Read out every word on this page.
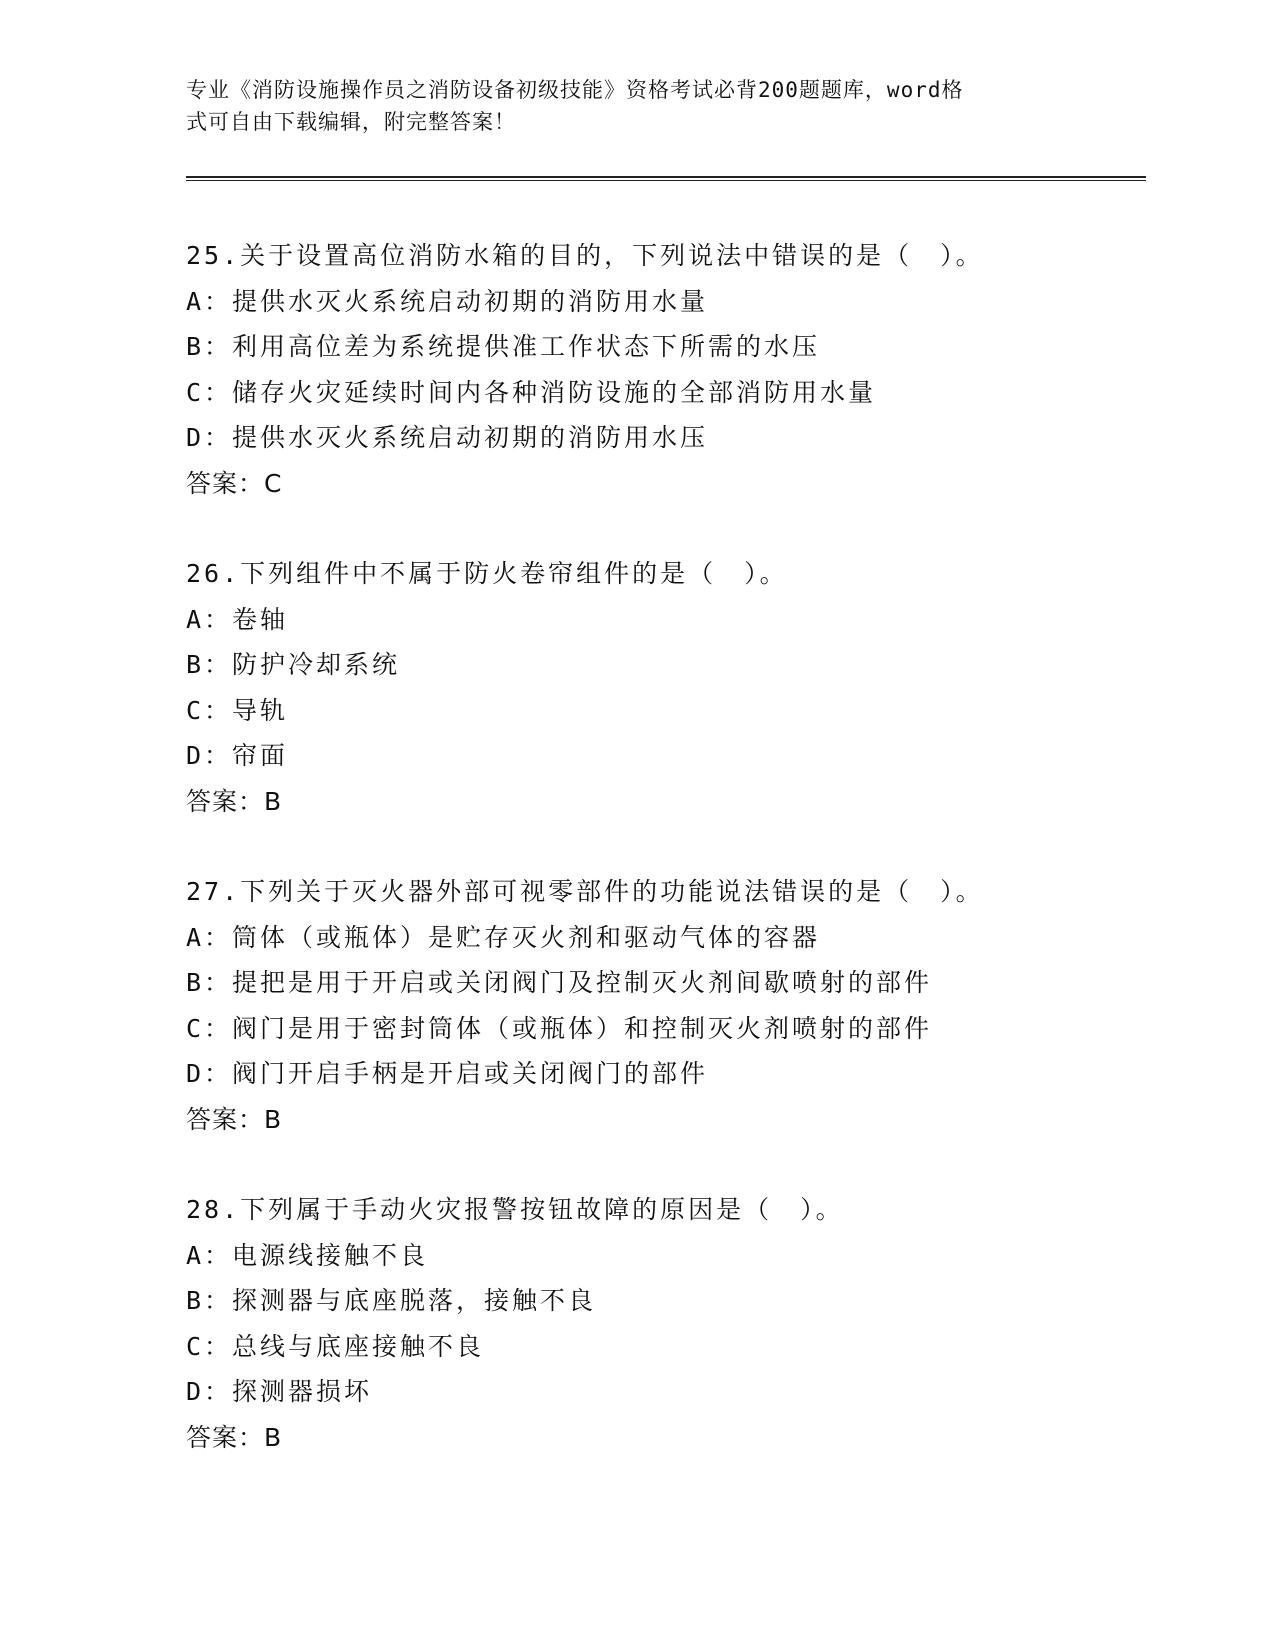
专业《消防设施操作员之消防设备初级技能》资格考试必背200题题库，word格
式可自由下载编辑，附完整答案！
25.关于设置高位消防水箱的目的，下列说法中错误的是（　）。
A：提供水灭火系统启动初期的消防用水量
B：利用高位差为系统提供准工作状态下所需的水压
C：储存火灾延续时间内各种消防设施的全部消防用水量
D：提供水灭火系统启动初期的消防用水压
答案：C
26.下列组件中不属于防火卷帘组件的是（　）。
A：卷轴
B：防护冷却系统
C：导轨
D：帘面
答案：B
27.下列关于灭火器外部可视零部件的功能说法错误的是（　）。
A：筒体（或瓶体）是贮存灭火剂和驱动气体的容器
B：提把是用于开启或关闭阀门及控制灭火剂间歇喷射的部件
C：阀门是用于密封筒体（或瓶体）和控制灭火剂喷射的部件
D：阀门开启手柄是开启或关闭阀门的部件
答案：B
28.下列属于手动火灾报警按钮故障的原因是（　）。
A：电源线接触不良
B：探测器与底座脱落，接触不良
C：总线与底座接触不良
D：探测器损坏
答案：B
